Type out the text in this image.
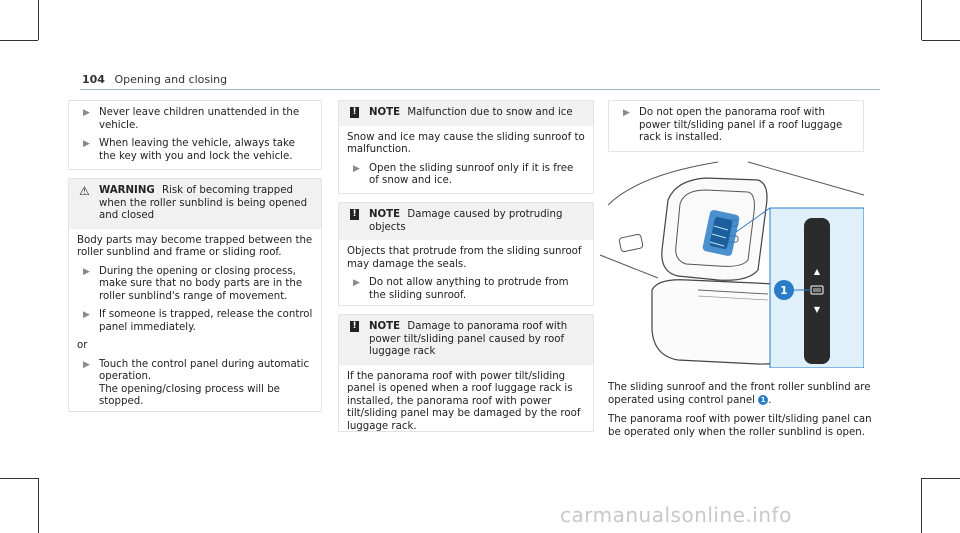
104 Opening and closing
▶ Never leave children unattended in the vehicle.
▶ When leaving the vehicle, always take the key with you and lock the vehicle.
⚠ WARNING Risk of becoming trapped when the roller sunblind is being opened and closed
Body parts may become trapped between the roller sunblind and frame or sliding roof.
▶ During the opening or closing process, make sure that no body parts are in the roller sunblind's range of movement.
▶ If someone is trapped, release the control panel immediately.
or
▶ Touch the control panel during automatic operation.
The opening/closing process will be stopped.
! NOTE Malfunction due to snow and ice
Snow and ice may cause the sliding sunroof to malfunction.
▶ Open the sliding sunroof only if it is free of snow and ice.
! NOTE Damage caused by protruding objects
Objects that protrude from the sliding sunroof may damage the seals.
▶ Do not allow anything to protrude from the sliding sunroof.
! NOTE Damage to panorama roof with power tilt/sliding panel caused by roof luggage rack
If the panorama roof with power tilt/sliding panel is opened when a roof luggage rack is installed, the panorama roof with power tilt/sliding panel may be damaged by the roof luggage rack.
▶ Do not open the panorama roof with power tilt/sliding panel if a roof luggage rack is installed.
▲
▼
1
The sliding sunroof and the front roller sunblind are operated using control panel 1 .
The panorama roof with power tilt/sliding panel can be operated only when the roller sunblind is open.
carmanualsonline.info
